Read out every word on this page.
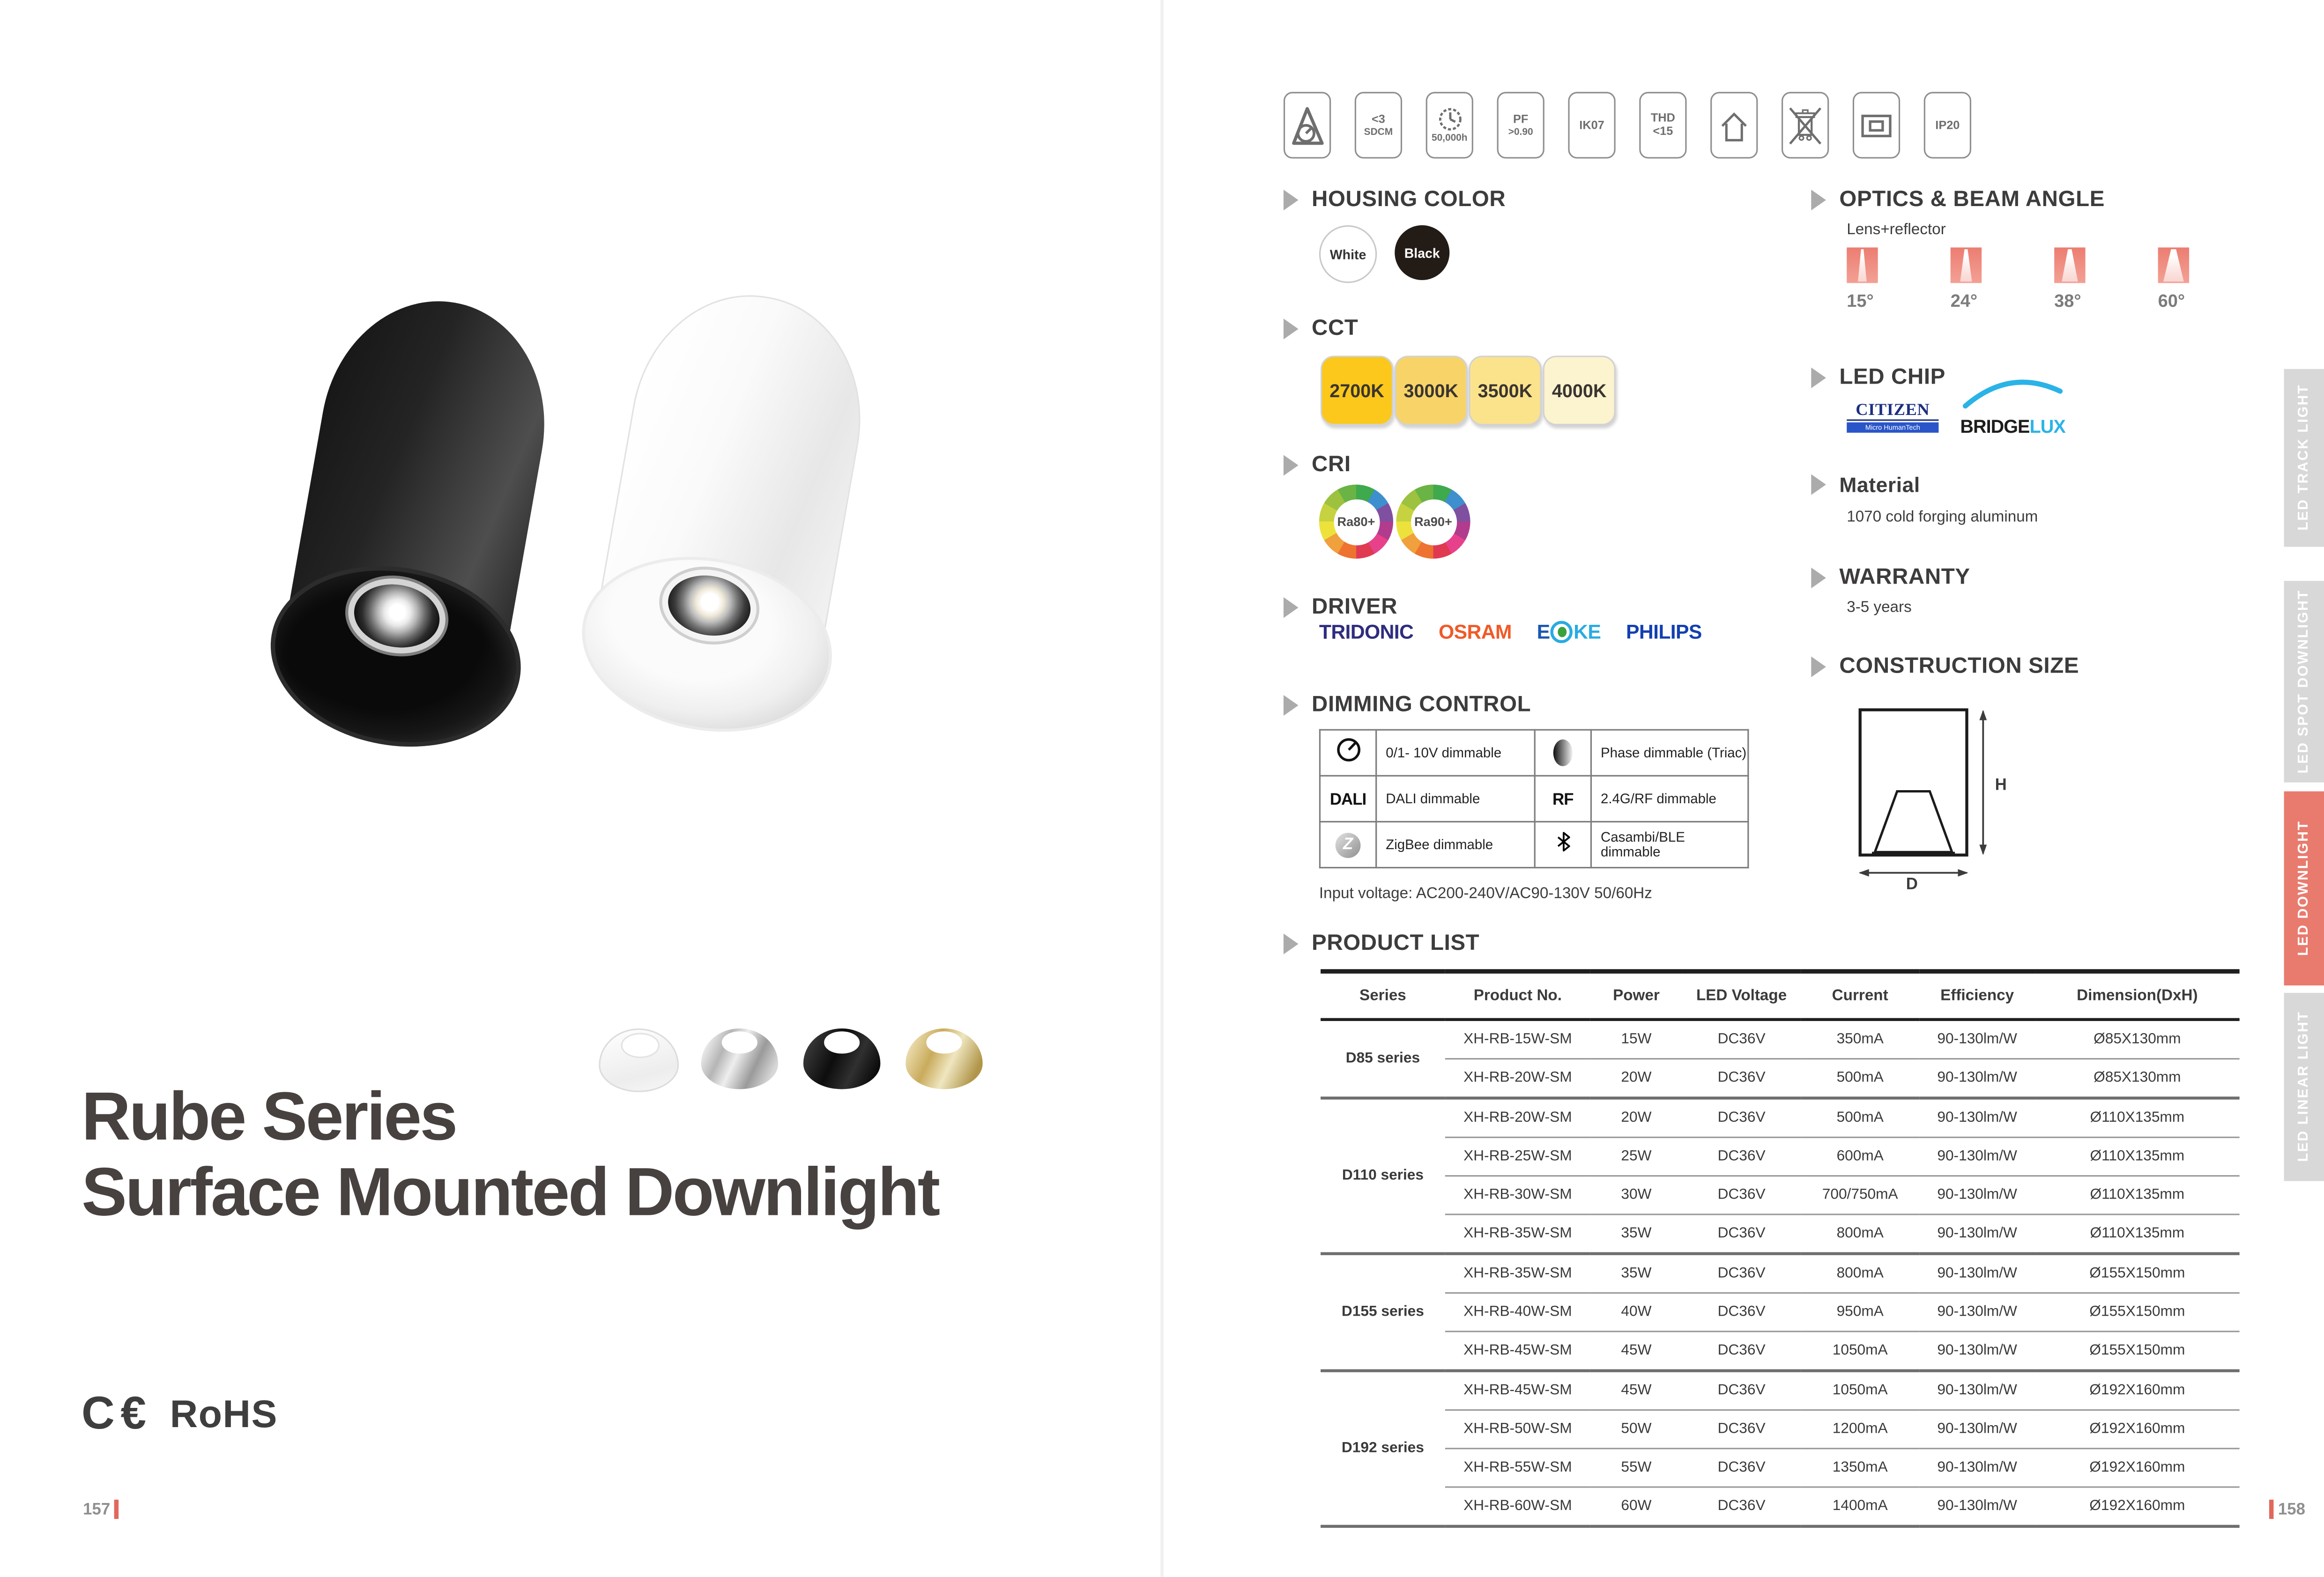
Rube Series
Surface Mounted Downlight
C€ RoHS
157	158
<3
SDCM
50,000h
PF
>0.90
IK07
THD
<15	IP20
HOUSING COLOR
White	Black
CCT
2700K	3000K	3500K	4000K
CRI
Ra80+	Ra90+
DRIVER
TRIDONIC	OSRAM	E	KE	PHILIPS
DIMMING CONTROL
	0/1- 10V dimmable		Phase dimmable (Triac)
DALI	DALI dimmable	RF	2.4G/RF dimmable

Z	ZigBee dimmable		Casambi/BLE dimmable
Input voltage: AC200-240V/AC90-130V 50/60Hz
PRODUCT LIST
Series	Product No.	Power	LED Voltage	Current	Efficiency	Dimension(DxH)
D85 series	XH-RB-15W-SM	15W	DC36V	350mA	90-130lm/W	Ø85X130mm
	XH-RB-20W-SM	20W	DC36V	500mA	90-130lm/W	Ø85X130mm
D110 series	XH-RB-20W-SM	20W	DC36V	500mA	90-130lm/W	Ø110X135mm
	XH-RB-25W-SM	25W	DC36V	600mA	90-130lm/W	Ø110X135mm
	XH-RB-30W-SM	30W	DC36V	700/750mA	90-130lm/W	Ø110X135mm
	XH-RB-35W-SM	35W	DC36V	800mA	90-130lm/W	Ø110X135mm
D155 series	XH-RB-35W-SM	35W	DC36V	800mA	90-130lm/W	Ø155X150mm
	XH-RB-40W-SM	40W	DC36V	950mA	90-130lm/W	Ø155X150mm
	XH-RB-45W-SM	45W	DC36V	1050mA	90-130lm/W	Ø155X150mm
D192 series	XH-RB-45W-SM	45W	DC36V	1050mA	90-130lm/W	Ø192X160mm
	XH-RB-50W-SM	50W	DC36V	1200mA	90-130lm/W	Ø192X160mm
	XH-RB-55W-SM	55W	DC36V	1350mA	90-130lm/W	Ø192X160mm
	XH-RB-60W-SM	60W	DC36V	1400mA	90-130lm/W	Ø192X160mm
OPTICS & BEAM ANGLE
Lens+reflector
15°	24°	38°	60°
LED CHIP
CITIZEN
Micro HumanTech	BRIDGELUX
Material
1070 cold forging aluminum
WARRANTY
3-5 years
CONSTRUCTION SIZE
H
D
LED TRACK LIGHT
LED SPOT DOWNLIGHT
LED DOWNLIGHT
LED LINEAR LIGHT
